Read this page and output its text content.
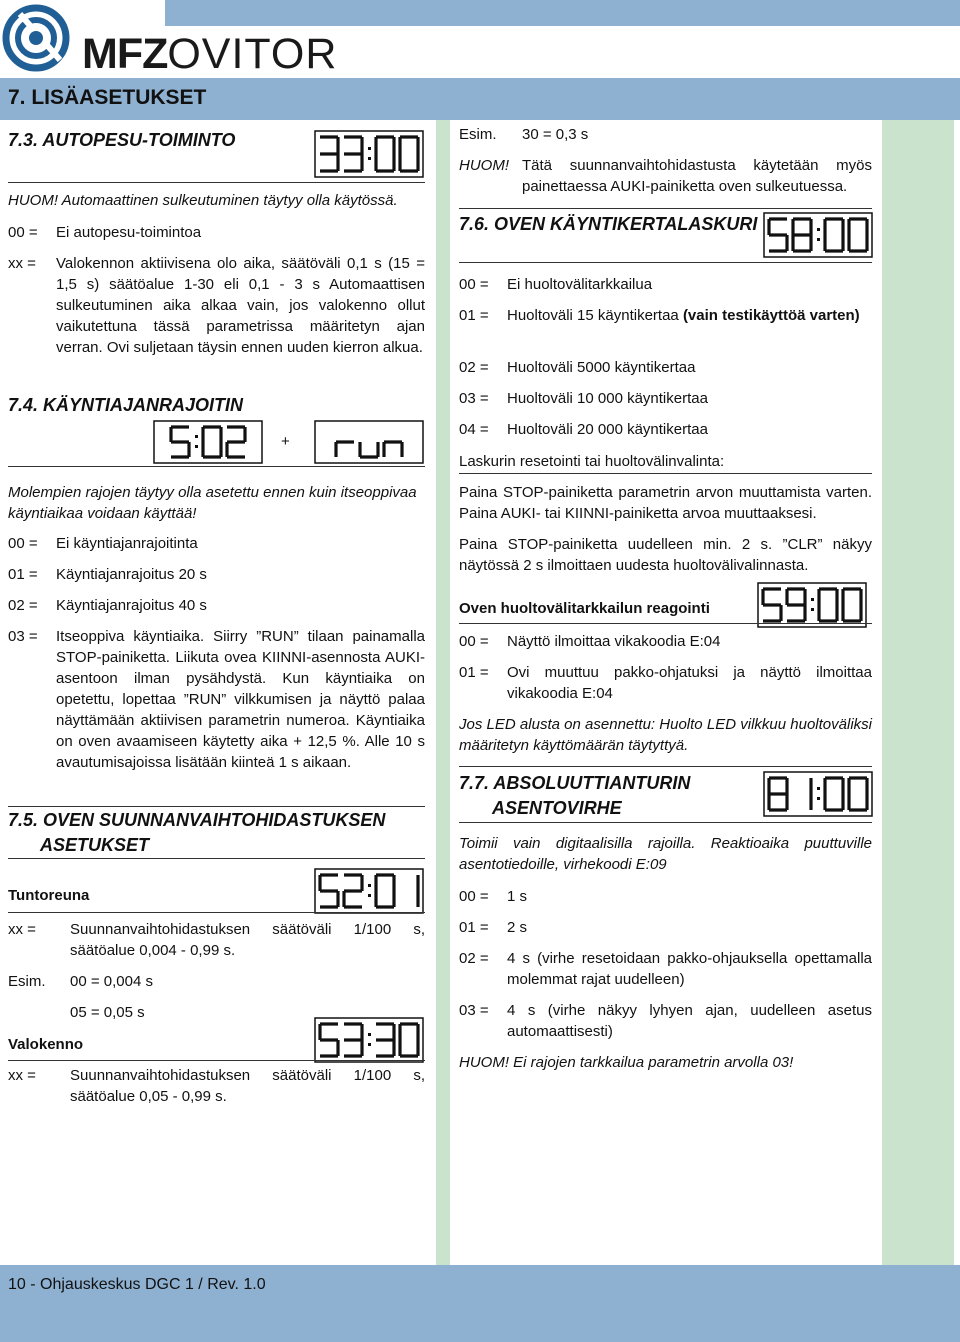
MFZOVITOR
7. LISÄASETUKSET
7.3. AUTOPESU-TOIMINTO
HUOM! Automaattinen sulkeutuminen täytyy olla käytössä.
00 = Ei autopesu-toimintoa
xx = Valokennon aktiivisena olo aika, säätöväli 0,1 s (15 = 1,5 s) säätöalue 1-30 eli 0,1 - 3 s Automaattisen sulkeutuminen aika alkaa vain, jos valokenno ollut vaikutettuna tässä parametrissa määritetyn ajan verran. Ovi suljetaan täysin ennen uuden kierron alkua.
7.4. KÄYNTIAJANRAJOITIN
+
Molempien rajojen täytyy olla asetettu ennen kuin itseoppivaa käyntiaikaa voidaan käyttää!
00 = Ei käyntiajanrajoitinta
01 = Käyntiajanrajoitus 20 s
02 = Käyntiajanrajoitus 40 s
03 = Itseoppiva käyntiaika. Siirry ”RUN” tilaan painamalla STOP-painiketta. Liikuta ovea KIINNI-asennosta AUKI-asentoon ilman pysähdystä. Kun käyntiaika on opetettu, lopettaa ”RUN” vilkkumisen ja näyttö palaa näyttämään aktiivisen parametrin numeroa. Käyntiaika on oven avaamiseen käytetty aika + 12,5 %. Alle 10 s avautumisajoissa lisätään kiinteä 1 s aikaan.
7.5. OVEN SUUNNANVAIHTOHIDASTUKSEN
ASETUKSET
Tuntoreuna
xx = Suunnanvaihtohidastuksen säätöväli 1/100 s, säätöalue 0,004 - 0,99 s.
Esim. 00 = 0,004 s
05 = 0,05 s
Valokenno
xx = Suunnanvaihtohidastuksen säätöväli 1/100 s, säätöalue 0,05 - 0,99 s.
Esim. 30 = 0,3 s
HUOM! Tätä suunnanvaihtohidastusta käytetään myös painettaessa AUKI-painiketta oven sulkeutuessa.
7.6. OVEN KÄYNTIKERTALASKURI
00 = Ei huoltovälitarkkailua
01 = Huoltoväli 15 käyntikertaa (vain testikäyttöä varten)
02 = Huoltoväli 5000 käyntikertaa
03 = Huoltoväli 10 000 käyntikertaa
04 = Huoltoväli 20 000 käyntikertaa
Laskurin resetointi tai huoltovälinvalinta:
Paina STOP-painiketta parametrin arvon muuttamista varten. Paina AUKI- tai KIINNI-painiketta arvoa muuttaaksesi.
Paina STOP-painiketta uudelleen min. 2 s. ”CLR” näkyy näytössä 2 s ilmoittaen uudesta huoltovälivalinnasta.
Oven huoltovälitarkkailun reagointi
00 = Näyttö ilmoittaa vikakoodia E:04
01 = Ovi muuttuu pakko-ohjatuksi ja näyttö ilmoittaa vikakoodia E:04
Jos LED alusta on asennettu: Huolto LED vilkkuu huoltoväliksi määritetyn käyttömäärän täytyttyä.
7.7. ABSOLUUTTIANTURIN
ASENTOVIRHE
Toimii vain digitaalisilla rajoilla. Reaktioaika puuttuville asentotiedoille, virhekoodi E:09
00 = 1 s
01 = 2 s
02 = 4 s (virhe resetoidaan pakko-ohjauksella opettamalla molemmat rajat uudelleen)
03 = 4 s (virhe näkyy lyhyen ajan, uudelleen asetus automaattisesti)
HUOM! Ei rajojen tarkkailua parametrin arvolla 03!
10 - Ohjauskeskus DGC 1 / Rev. 1.0
